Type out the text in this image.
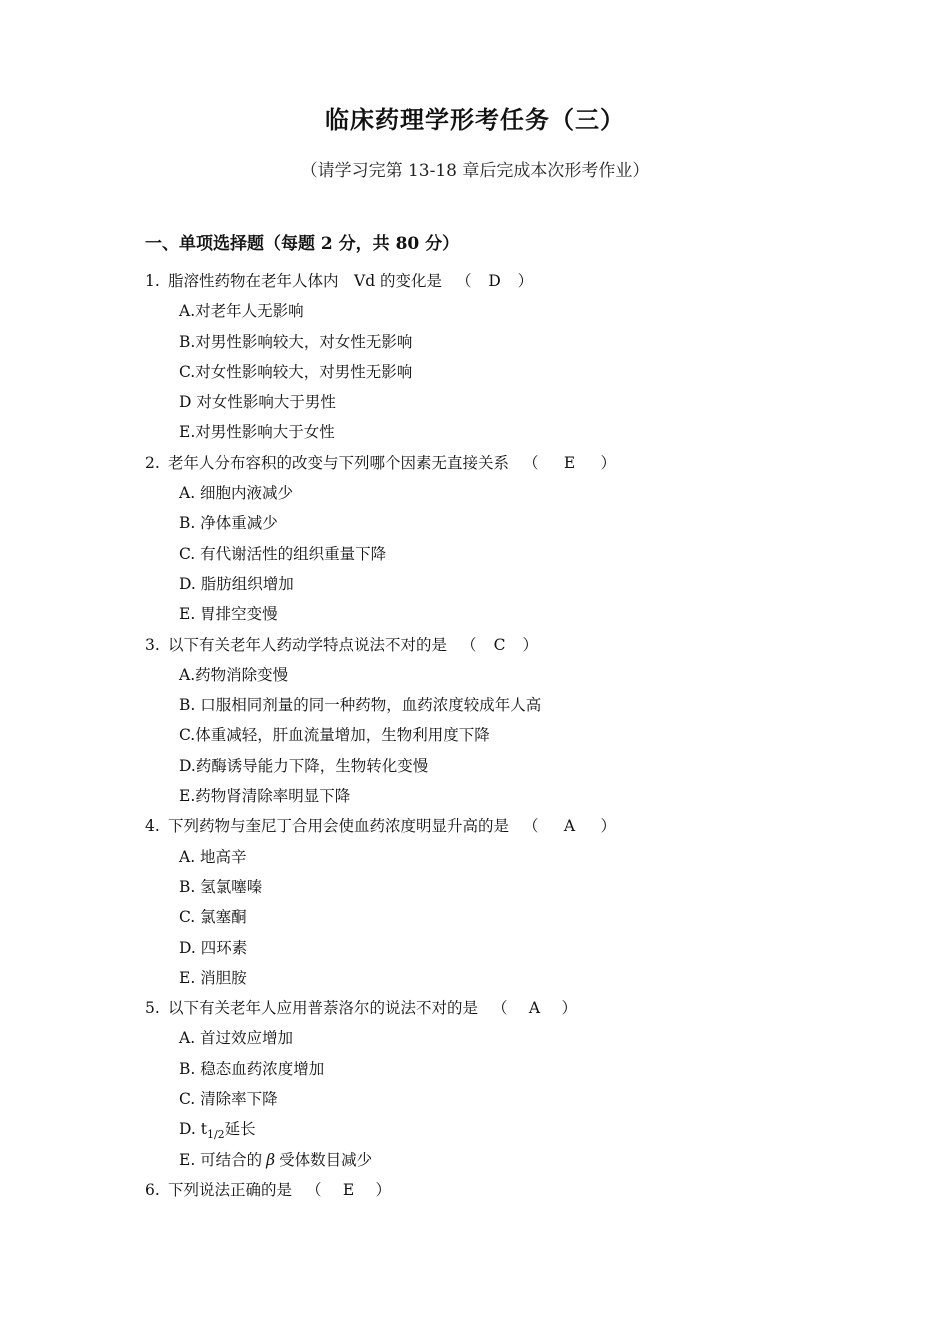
临床药理学形考任务（三）
（请学习完第 13-18 章后完成本次形考作业）
一、单项选择题（每题 2 分，共 80 分）
1. 脂溶性药物在老年人体内　Vd 的变化是 （ D ）
A.对老年人无影响
B.对男性影响较大，对女性无影响
C.对女性影响较大，对男性无影响
D 对女性影响大于男性
E.对男性影响大于女性
2. 老年人分布容积的改变与下列哪个因素无直接关系 （ E ）
A. 细胞内液减少
B. 净体重减少
C. 有代谢活性的组织重量下降
D. 脂肪组织增加
E. 胃排空变慢
3. 以下有关老年人药动学特点说法不对的是 （ C ）
A.药物消除变慢
B. 口服相同剂量的同一种药物，血药浓度较成年人高
C.体重减轻，肝血流量增加，生物利用度下降
D.药酶诱导能力下降，生物转化变慢
E.药物肾清除率明显下降
4. 下列药物与奎尼丁合用会使血药浓度明显升高的是 （ A ）
A. 地高辛
B. 氢氯噻嗪
C. 氯塞酮
D. 四环素
E. 消胆胺
5. 以下有关老年人应用普萘洛尔的说法不对的是 （ A ）
A. 首过效应增加
B. 稳态血药浓度增加
C. 清除率下降
D. $t_{1/2}$延长
E. 可结合的 β 受体数目减少
6. 下列说法正确的是 （ E ）
